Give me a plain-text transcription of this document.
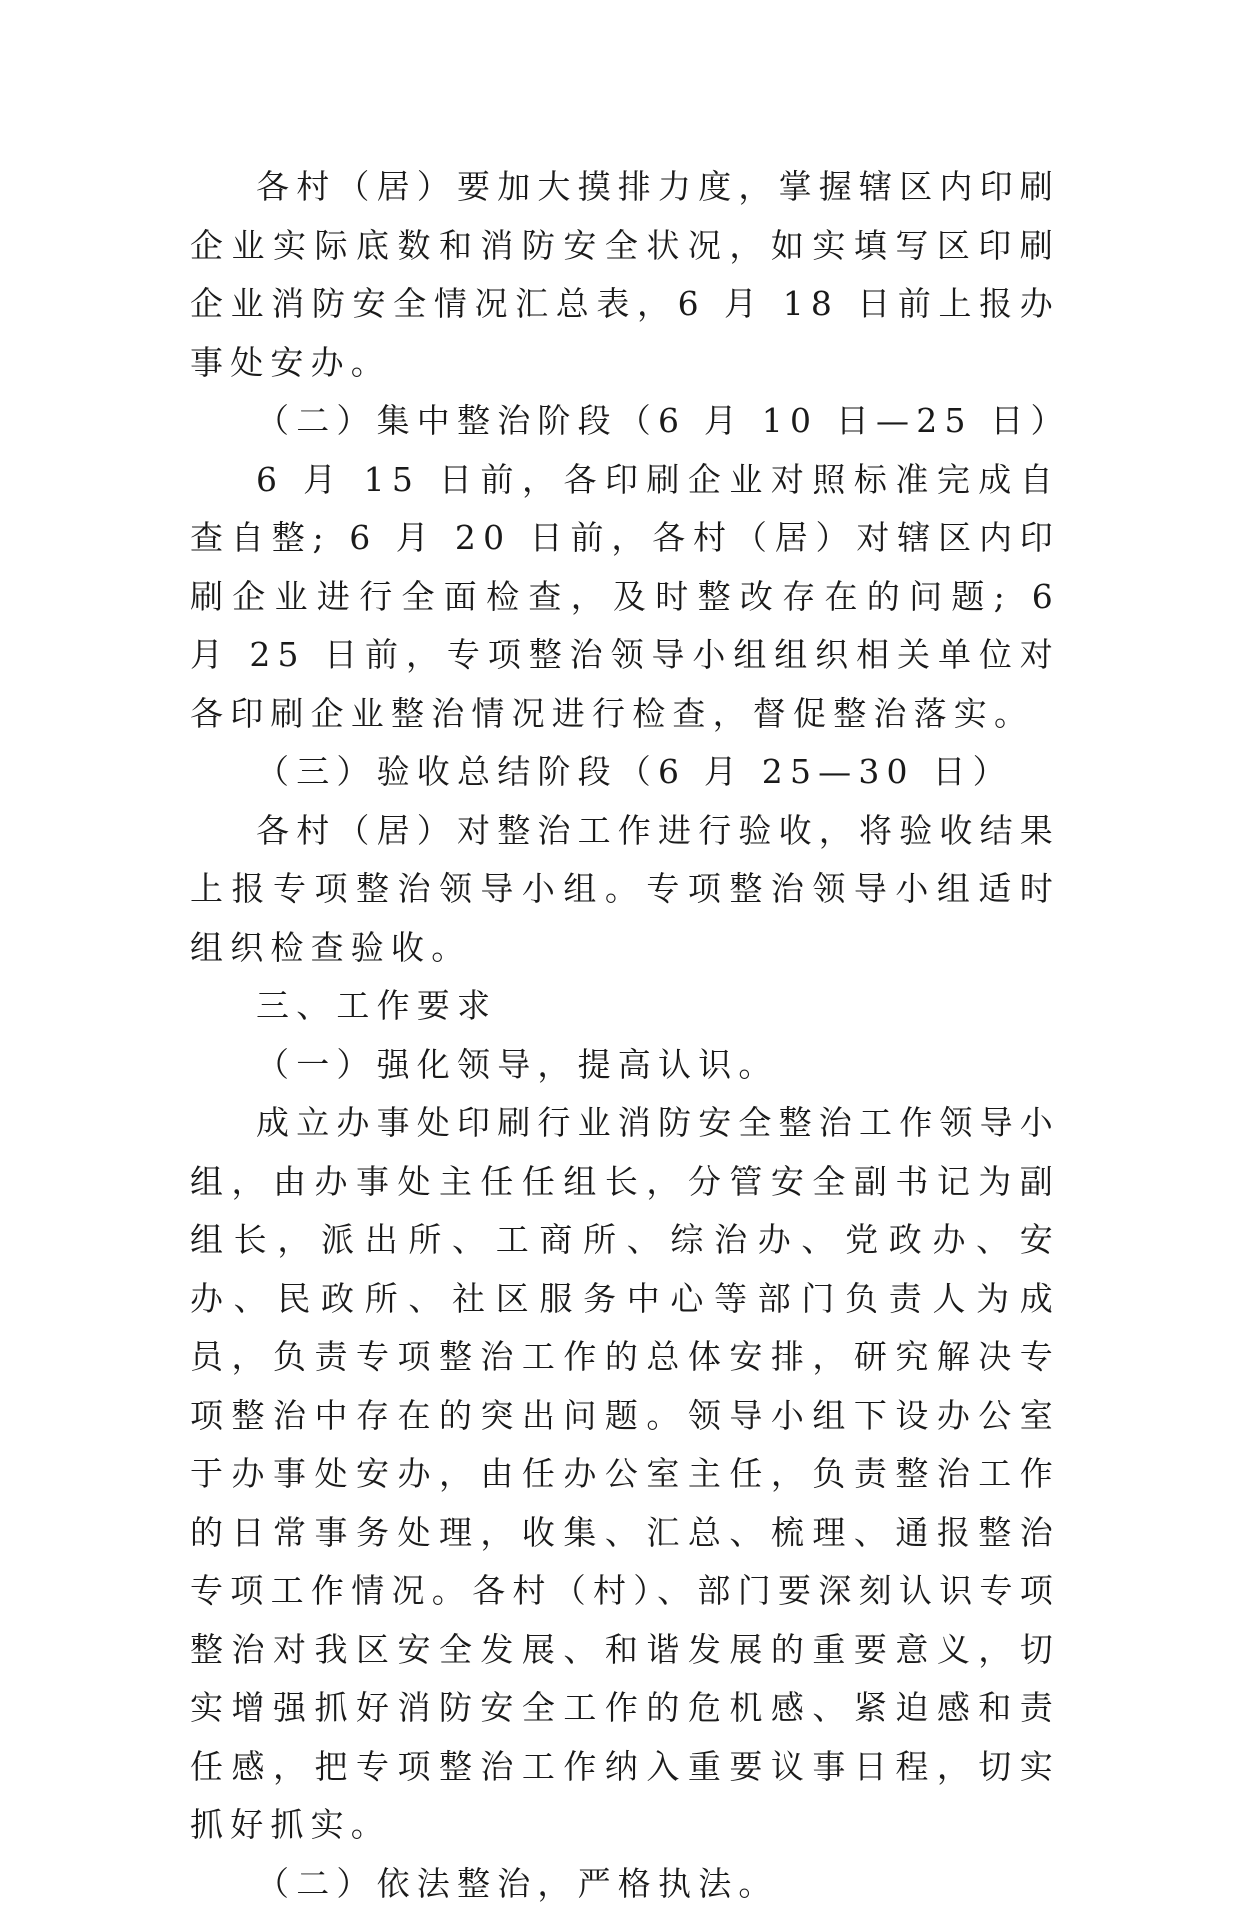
各村（居）要加大摸排力度，掌握辖区内印刷企业实际底数和消防安全状况，如实填写区印刷企业消防安全情况汇总表，6 月 18 日前上报办事处安办。

（二）集中整治阶段（6 月 10 日—25 日）

6 月 15 日前，各印刷企业对照标准完成自查自整; 6 月 20 日前，各村（居）对辖区内印刷企业进行全面检查，及时整改存在的问题; 6 月 25 日前，专项整治领导小组组织相关单位对各印刷企业整治情况进行检查，督促整治落实。

（三）验收总结阶段（6 月 25—30 日）

各村（居）对整治工作进行验收，将验收结果上报专项整治领导小组。专项整治领导小组适时组织检查验收。

三、工作要求

（一）强化领导，提高认识。

成立办事处印刷行业消防安全整治工作领导小组，由办事处主任任组长，分管安全副书记为副组长，派出所、工商所、综治办、党政办、安办、民政所、社区服务中心等部门负责人为成员，负责专项整治工作的总体安排，研究解决专项整治中存在的突出问题。领导小组下设办公室于办事处安办，由任办公室主任，负责整治工作的日常事务处理，收集、汇总、梳理、通报整治专项工作情况。各村（村）、部门要深刻认识专项整治对我区安全发展、和谐发展的重要意义，切实增强抓好消防安全工作的危机感、紧迫感和责任感，把专项整治工作纳入重要议事日程，切实抓好抓实。

（二）依法整治，严格执法。
